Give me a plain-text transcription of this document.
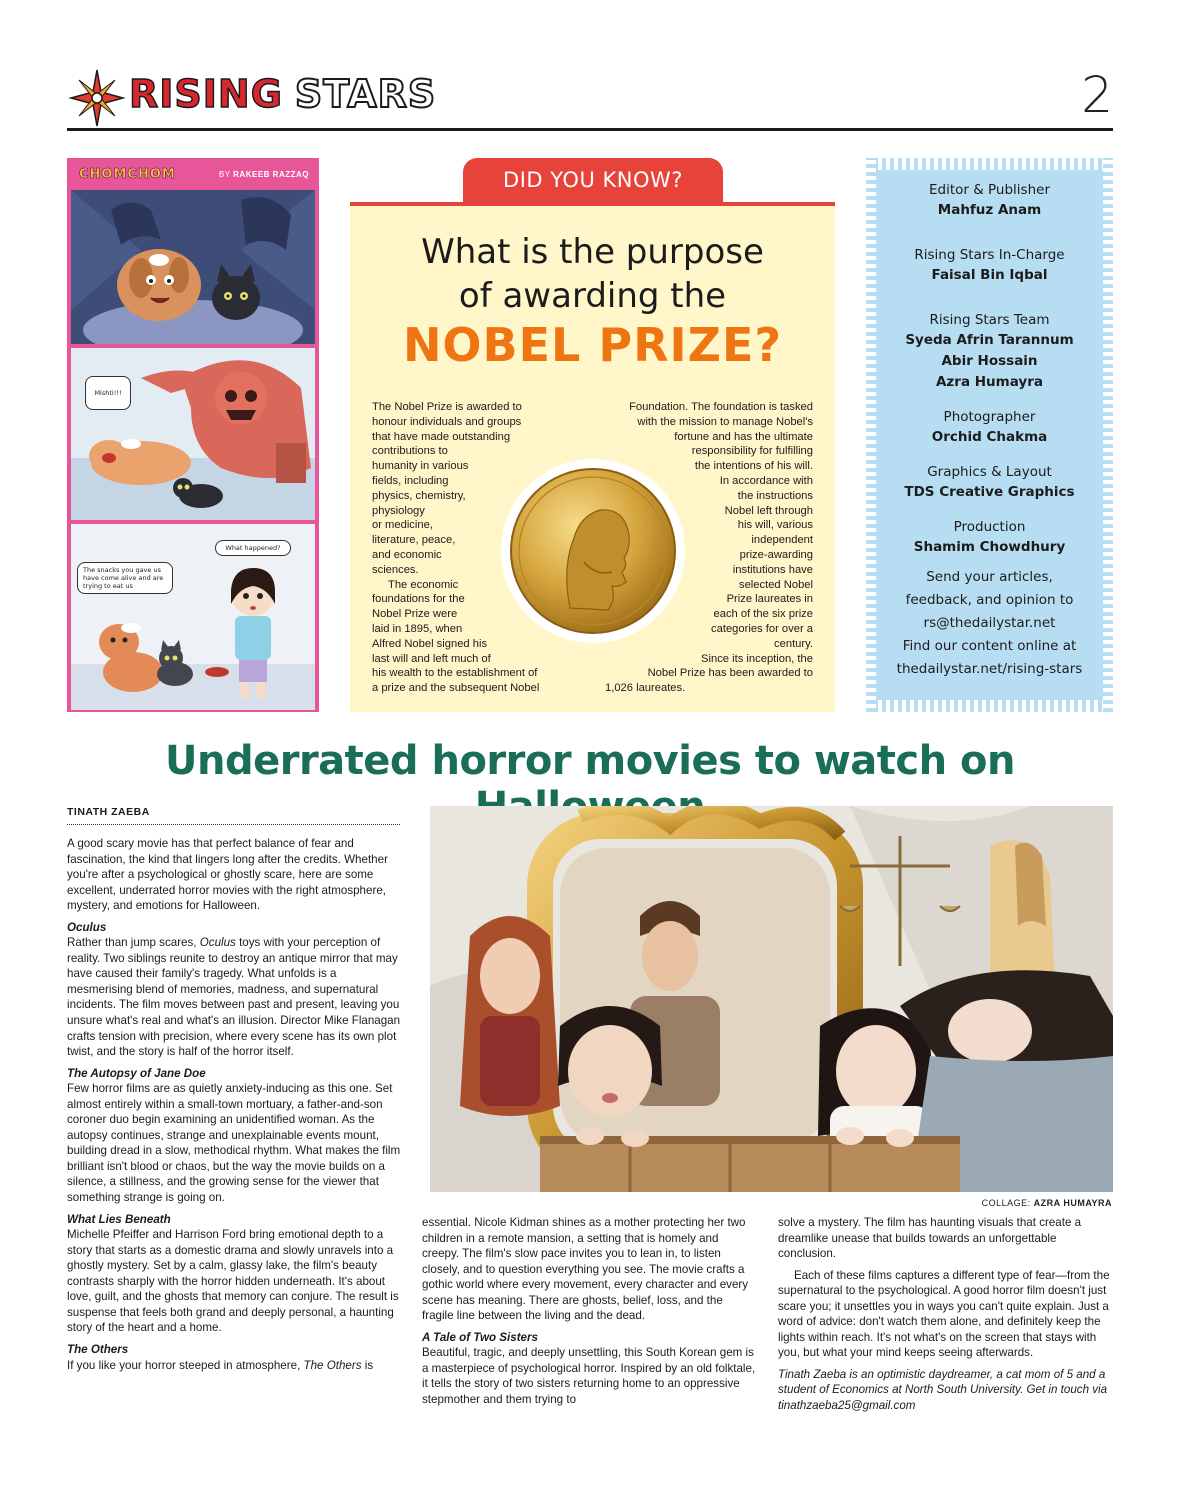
RISING STARS	2
CHOMCHOM	BY RAKEEB RAZZAQ
Mishti!!!
The snacks you gave us have come alive and are trying to eat us
What happened?
DID YOU KNOW?
What is the purpose
of awarding the
NOBEL PRIZE?
The Nobel Prize is awarded to
honour individuals and groups
that have made outstanding
contributions to
humanity in various
fields, including
physics, chemistry,
physiology
or medicine,
literature, peace,
and economic
sciences.
The economic
foundations for the
Nobel Prize were
laid in 1895, when
Alfred Nobel signed his
last will and left much of
his wealth to the establishment of
a prize and the subsequent Nobel
Foundation. The foundation is tasked
with the mission to manage Nobel's
fortune and has the ultimate
responsibility for fulfilling
the intentions of his will.
In accordance with
the instructions
Nobel left through
his will, various
independent
prize-awarding
institutions have
selected Nobel
Prize laureates in
each of the six prize
categories for over a
century.
Since its inception, the
Nobel Prize has been awarded to
1,026 laureates.
Editor & Publisher
Mahfuz Anam
Rising Stars In-Charge
Faisal Bin Iqbal
Rising Stars Team
Syeda Afrin Tarannum
Abir Hossain
Azra Humayra
Photographer
Orchid Chakma
Graphics & Layout
TDS Creative Graphics
Production
Shamim Chowdhury
Send your articles,
feedback, and opinion to
rs@thedailystar.net
Find our content online at
thedailystar.net/rising-stars
Underrated horror movies to watch on
TINATH ZAEBA

A good scary movie has that perfect balance of fear and fascination, the kind that lingers long after the credits. Whether you're after a psychological or ghostly scare, here are some excellent, underrated horror movies with the right atmosphere, mystery, and emotions for Halloween.

Oculus

Rather than jump scares, Oculus toys with your perception of reality. Two siblings reunite to destroy an antique mirror that may have caused their family's tragedy. What unfolds is a mesmerising blend of memories, madness, and supernatural incidents. The film moves between past and present, leaving you unsure what's real and what's an illusion. Director Mike Flanagan crafts tension with precision, where every scene has its own plot twist, and the story is half of the horror itself.

The Autopsy of Jane Doe

Few horror films are as quietly anxiety-inducing as this one. Set almost entirely within a small-town mortuary, a father-and-son coroner duo begin examining an unidentified woman. As the autopsy continues, strange and unexplainable events mount, building dread in a slow, methodical rhythm. What makes the film brilliant isn't blood or chaos, but the way the movie builds on a silence, a stillness, and the growing sense for the viewer that something strange is going on.

What Lies Beneath

Michelle Pfeiffer and Harrison Ford bring emotional depth to a story that starts as a domestic drama and slowly unravels into a ghostly mystery. Set by a calm, glassy lake, the film's beauty contrasts sharply with the horror hidden underneath. It's about love, guilt, and the ghosts that memory can conjure. The result is suspense that feels both grand and deeply personal, a haunting story of the heart and a home.

The Others

If you like your horror steeped in atmosphere, The Others is

COLLAGE: AZRA HUMAYRA

essential. Nicole Kidman shines as a mother protecting her two children in a remote mansion, a setting that is homely and creepy. The film's slow pace invites you to lean in, to listen closely, and to question everything you see. The movie crafts a gothic world where every movement, every character and every scene has meaning. There are ghosts, belief, loss, and the fragile line between the living and the dead.

A Tale of Two Sisters

Beautiful, tragic, and deeply unsettling, this South Korean gem is a masterpiece of psychological horror. Inspired by an old folktale, it tells the story of two sisters returning home to an oppressive stepmother and them trying to

solve a mystery. The film has haunting visuals that create a dreamlike unease that builds towards an unforgettable conclusion.

Each of these films captures a different type of fear—from the supernatural to the psychological. A good horror film doesn't just scare you; it unsettles you in ways you can't quite explain. Just a word of advice: don't watch them alone, and definitely keep the lights within reach. It's not what's on the screen that stays with you, but what your mind keeps seeing afterwards.

Tinath Zaeba is an optimistic daydreamer, a cat mom of 5 and a student of Economics at North South University. Get in touch via tinathzaeba25@gmail.com
